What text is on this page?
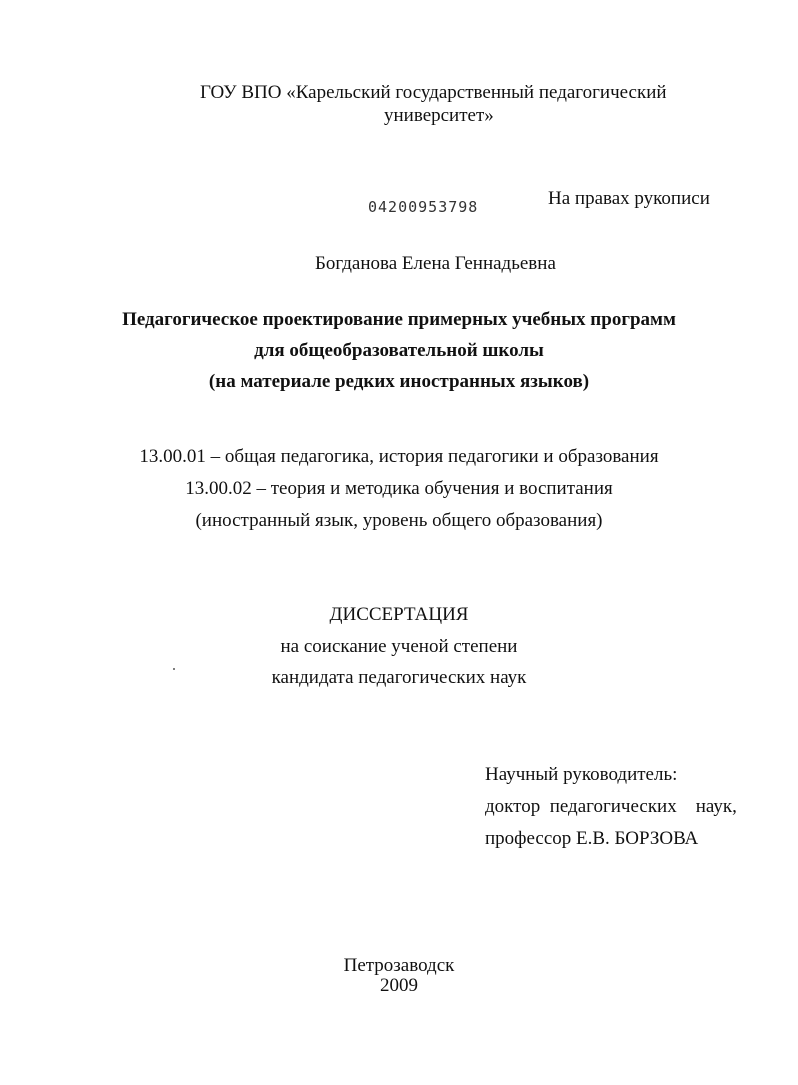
ГОУ ВПО «Карельский государственный педагогический
университет»
04200953798	На правах рукописи
Богданова Елена Геннадьевна
Педагогическое проектирование примерных учебных программ
для общеобразовательной школы
(на материале редких иностранных языков)
13.00.01 – общая педагогика, история педагогики и образования
13.00.02 – теория и методика обучения и воспитания
(иностранный язык, уровень общего образования)
ДИССЕРТАЦИЯ
на соискание ученой степени
кандидата педагогических наук
Научный руководитель:
доктор  педагогических    наук,
профессор Е.В. БОРЗОВА
Петрозаводск
2009
